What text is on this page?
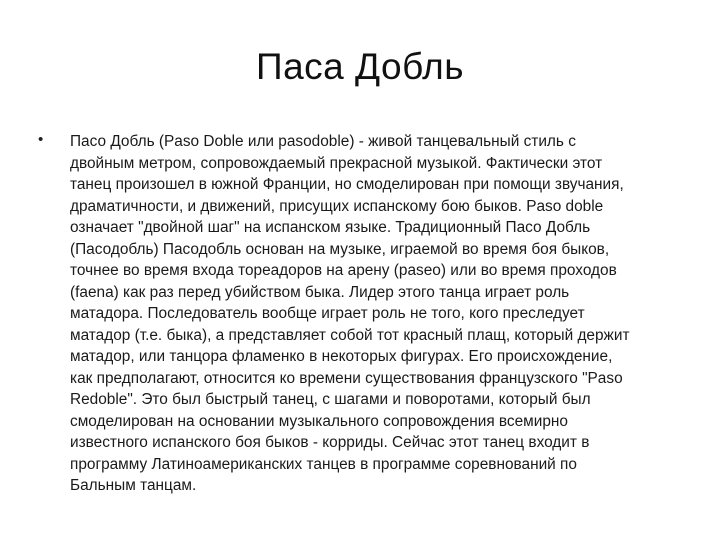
Паса Добль
• Пасо Добль (Paso Doble или pasodoble) - живой танцевальный стиль с
двойным метром, сопровождаемый прекрасной музыкой. Фактически этот
танец произошел в южной Франции, но смоделирован при помощи звучания,
драматичности, и движений, присущих испанскому бою быков. Paso doble
означает "двойной шаг" на испанском языке. Традиционный Пасо Добль
(Пасодобль) Пасодобль основан на музыке, играемой во время боя быков,
точнее во время входа тореадоров на арену (paseo) или во время проходов
(faena) как раз перед убийством быка. Лидер этого танца играет роль
матадора. Последователь вообще играет роль не того, кого преследует
матадор (т.е. быка), а представляет собой тот красный плащ, который держит
матадор, или танцора фламенко в некоторых фигурах. Его происхождение,
как предполагают, относится ко времени существования французского "Paso
Redoble". Это был быстрый танец, с шагами и поворотами, который был
смоделирован на основании музыкального сопровождения всемирно
известного испанского боя быков - корриды. Сейчас этот танец входит в
программу Латиноамериканских танцев в программе соревнований по
Бальным танцам.
